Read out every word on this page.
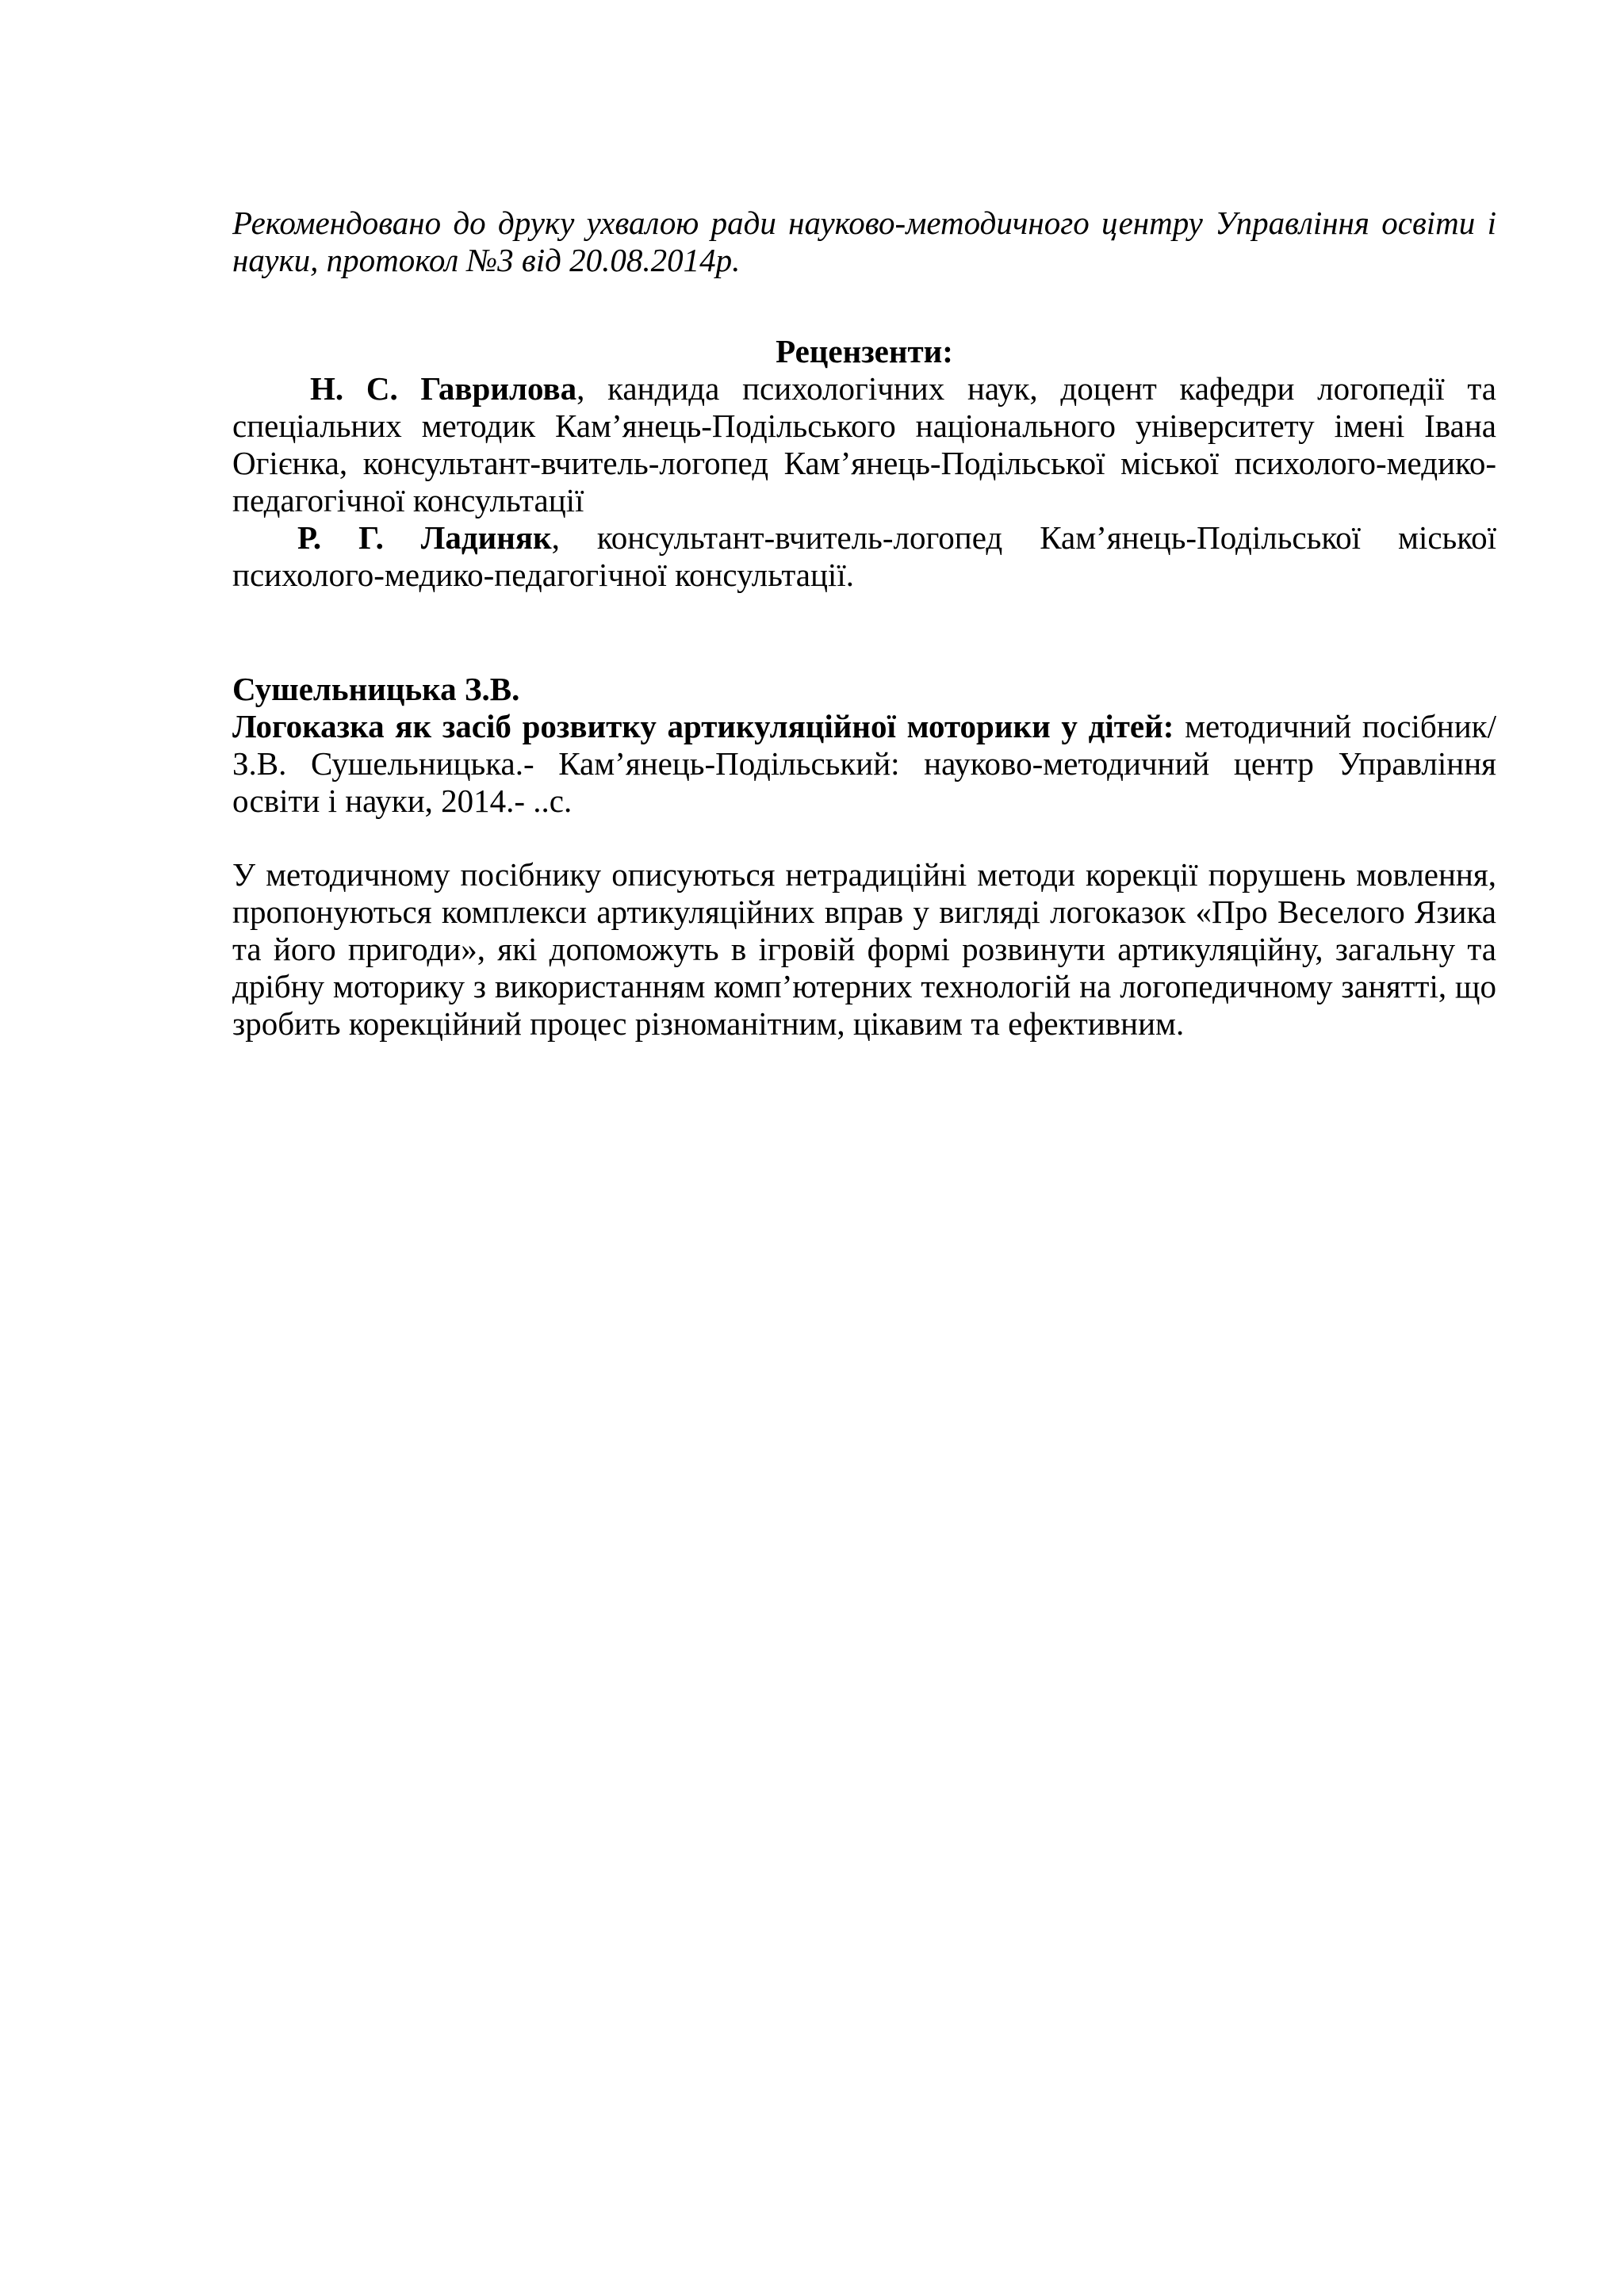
Рекомендовано до друку ухвалою ради науково-методичного центру Управління освіти і науки, протокол №3 від 20.08.2014р.

Рецензенти:

Н. С. Гаврилова, кандида психологічних наук, доцент кафедри логопедії та спеціальних методик Кам’янець-Подільського національного університету імені Івана Огієнка, консультант-вчитель-логопед Кам’янець-Подільської міської психолого-медико-педагогічної консультації

Р. Г. Ладиняк, консультант-вчитель-логопед Кам’янець-Подільської міської психолого-медико-педагогічної консультації.

Сушельницька З.В.

Логоказка як засіб розвитку артикуляційної моторики у дітей: методичний посібник/ З.В. Сушельницька.- Кам’янець-Подільський: науково-методичний центр Управління освіти і науки, 2014.- ..с.

У методичному посібнику описуються нетрадиційні методи корекції порушень мовлення, пропонуються комплекси артикуляційних вправ у вигляді логоказок «Про Веселого Язика та його пригоди», які допоможуть в ігровій формі розвинути артикуляційну, загальну та дрібну моторику з використанням комп’ютерних технологій на логопедичному занятті, що зробить корекційний процес різноманітним, цікавим та ефективним.
